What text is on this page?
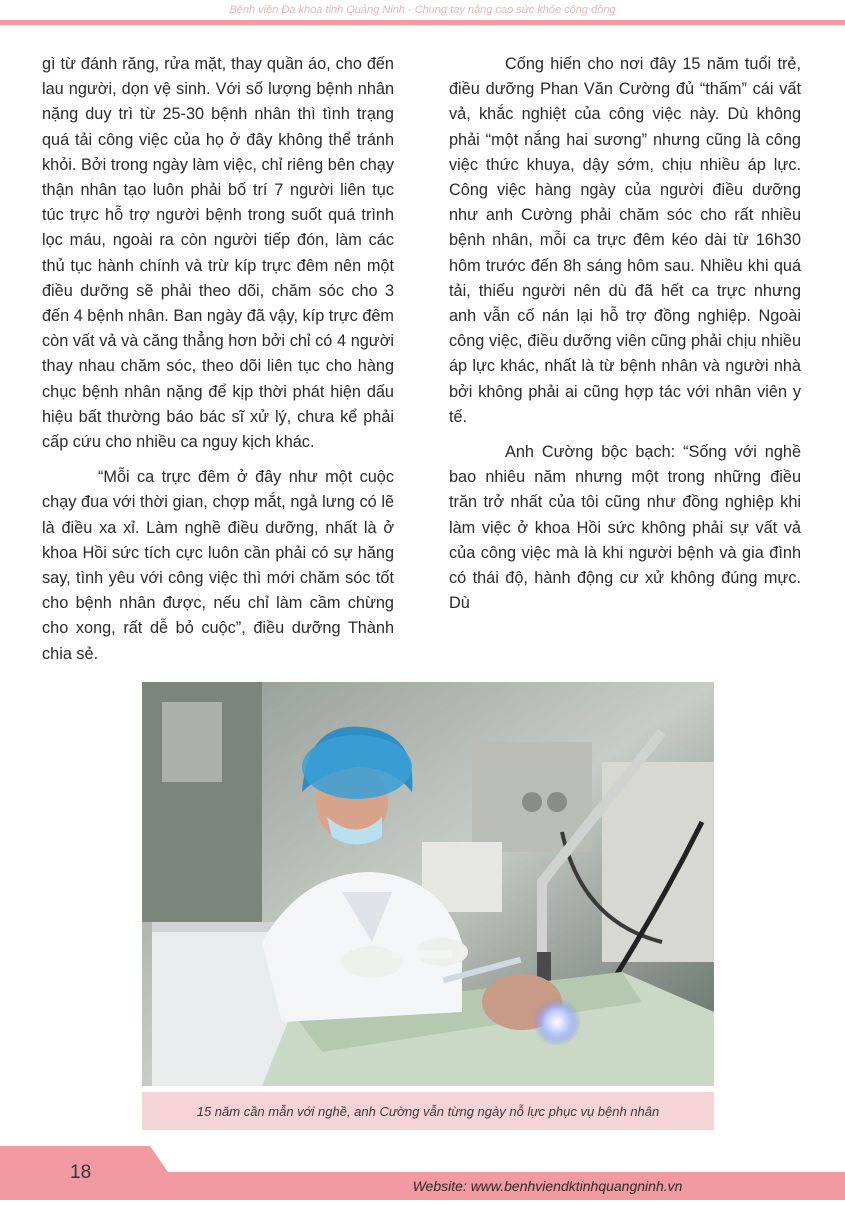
Bệnh viện Đa khoa tỉnh Quảng Ninh - Chung tay nâng cao sức khỏe cộng đồng

gì từ đánh răng, rửa mặt, thay quần áo, cho đến lau người, dọn vệ sinh. Với số lượng bệnh nhân nặng duy trì từ 25-30 bệnh nhân thì tình trạng quá tải công việc của họ ở đây không thể tránh khỏi. Bởi trong ngày làm việc, chỉ riêng bên chạy thận nhân tạo luôn phải bố trí 7 người liên tục túc trực hỗ trợ người bệnh trong suốt quá trình lọc máu, ngoài ra còn người tiếp đón, làm các thủ tục hành chính và trừ kíp trực đêm nên một điều dưỡng sẽ phải theo dõi, chăm sóc cho 3 đến 4 bệnh nhân. Ban ngày đã vậy, kíp trực đêm còn vất vả và căng thẳng hơn bởi chỉ có 4 người thay nhau chăm sóc, theo dõi liên tục cho hàng chục bệnh nhân nặng để kịp thời phát hiện dấu hiệu bất thường báo bác sĩ xử lý, chưa kể phải cấp cứu cho nhiều ca nguy kịch khác.

“Mỗi ca trực đêm ở đây như một cuộc chạy đua với thời gian, chợp mắt, ngả lưng có lẽ là điều xa xỉ. Làm nghề điều dưỡng, nhất là ở khoa Hồi sức tích cực luôn cần phải có sự hăng say, tình yêu với công việc thì mới chăm sóc tốt cho bệnh nhân được, nếu chỉ làm cầm chừng cho xong, rất dễ bỏ cuộc”, điều dưỡng Thành chia sẻ.

Cống hiến cho nơi đây 15 năm tuổi trẻ, điều dưỡng Phan Văn Cường đủ “thấm” cái vất vả, khắc nghiệt của công việc này. Dù không phải “một nắng hai sương” nhưng cũng là công việc thức khuya, dậy sớm, chịu nhiều áp lực. Công việc hàng ngày của người điều dưỡng như anh Cường phải chăm sóc cho rất nhiều bệnh nhân, mỗi ca trực đêm kéo dài từ 16h30 hôm trước đến 8h sáng hôm sau. Nhiều khi quá tải, thiếu người nên dù đã hết ca trực nhưng anh vẫn cố nán lại hỗ trợ đồng nghiệp. Ngoài công việc, điều dưỡng viên cũng phải chịu nhiều áp lực khác, nhất là từ bệnh nhân và người nhà bởi không phải ai cũng hợp tác với nhân viên y tế.

Anh Cường bộc bạch: “Sống với nghề bao nhiêu năm nhưng một trong những điều trăn trở nhất của tôi cũng như đồng nghiệp khi làm việc ở khoa Hồi sức không phải sự vất vả của công việc mà là khi người bệnh và gia đình có thái độ, hành động cư xử không đúng mực. Dù

15 năm cần mẫn với nghề, anh Cường vẫn từng ngày nỗ lực phục vụ bệnh nhân
18
Website: www.benhviendktinhquangninh.vn
